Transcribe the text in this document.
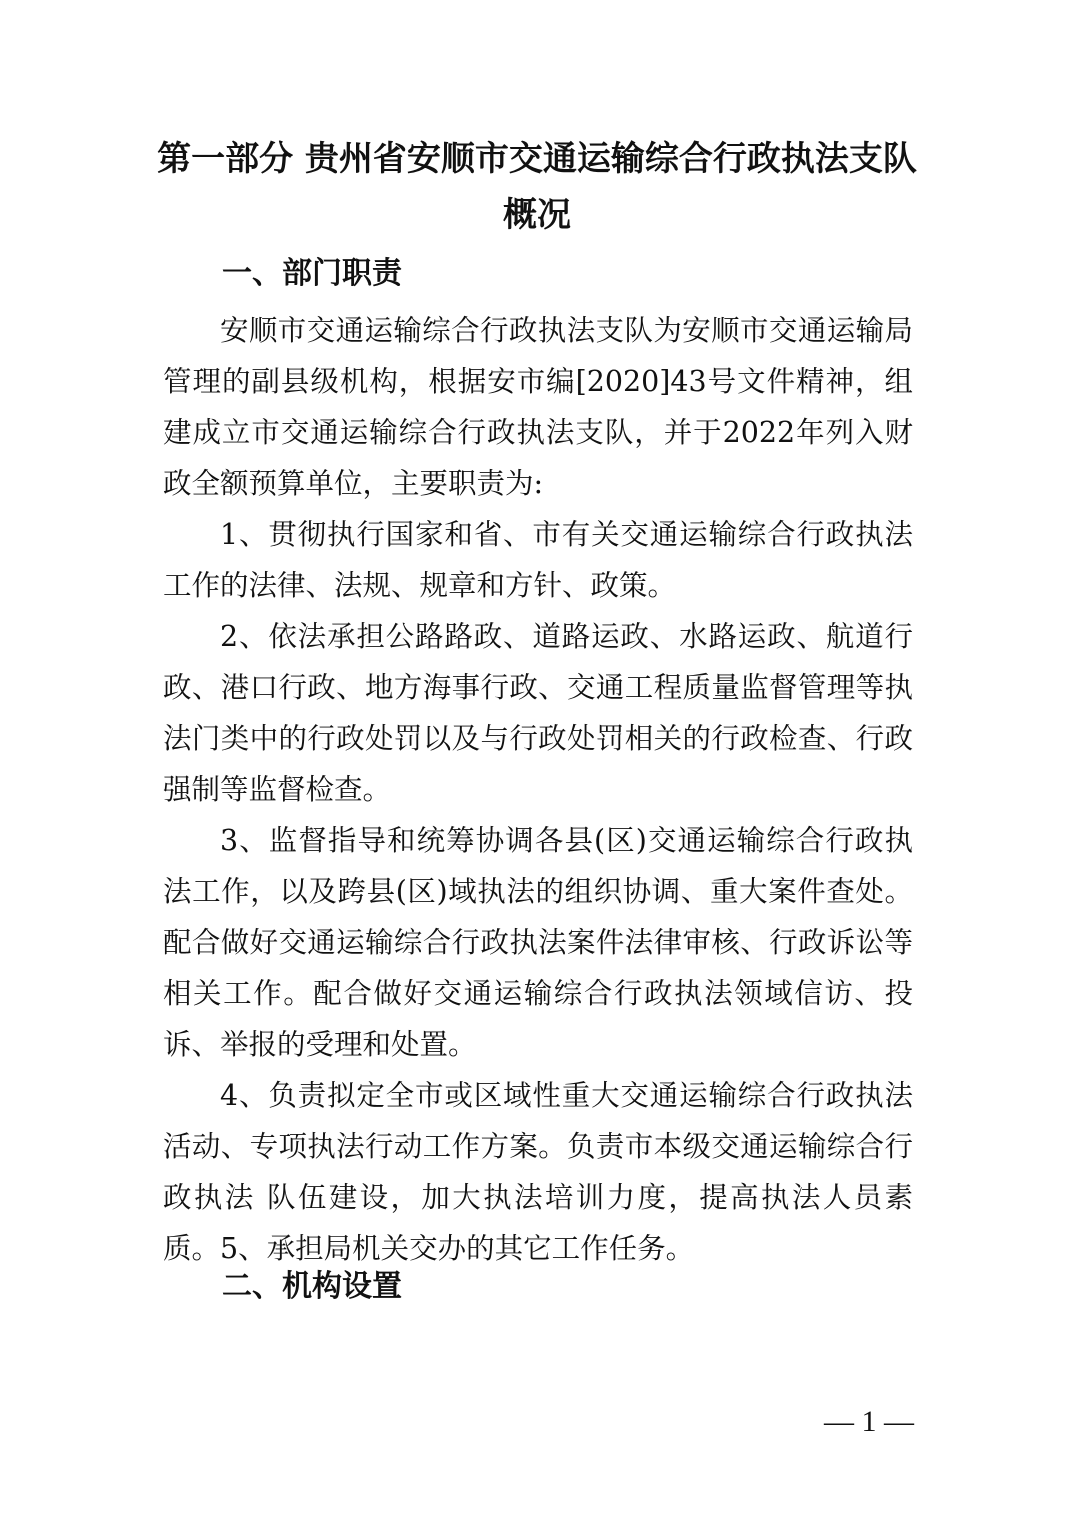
第一部分 贵州省安顺市交通运输综合行政执法支队
概况
一、部门职责

安顺市交通运输综合行政执法支队为安顺市交通运输局管理的副县级机构，根据安市编[2020]43号文件精神，组建成立市交通运输综合行政执法支队，并于2022年列入财政全额预算单位，主要职责为:

1、贯彻执行国家和省、市有关交通运输综合行政执法工作的法律、法规、规章和方针、政策。

2、依法承担公路路政、道路运政、水路运政、航道行政、港口行政、地方海事行政、交通工程质量监督管理等执法门类中的行政处罚以及与行政处罚相关的行政检查、行政强制等监督检查。

3、监督指导和统筹协调各县(区)交通运输综合行政执法工作，以及跨县(区)域执法的组织协调、重大案件查处。配合做好交通运输综合行政执法案件法律审核、行政诉讼等相关工作。配合做好交通运输综合行政执法领域信访、投诉、举报的受理和处置。

4、负责拟定全市或区域性重大交通运输综合行政执法活动、专项执法行动工作方案。负责市本级交通运输综合行政执法 队伍建设，加大执法培训力度，提高执法人员素质。 5、承担局机关交办的其它工作任务。

二、机构设置
— 1 —
